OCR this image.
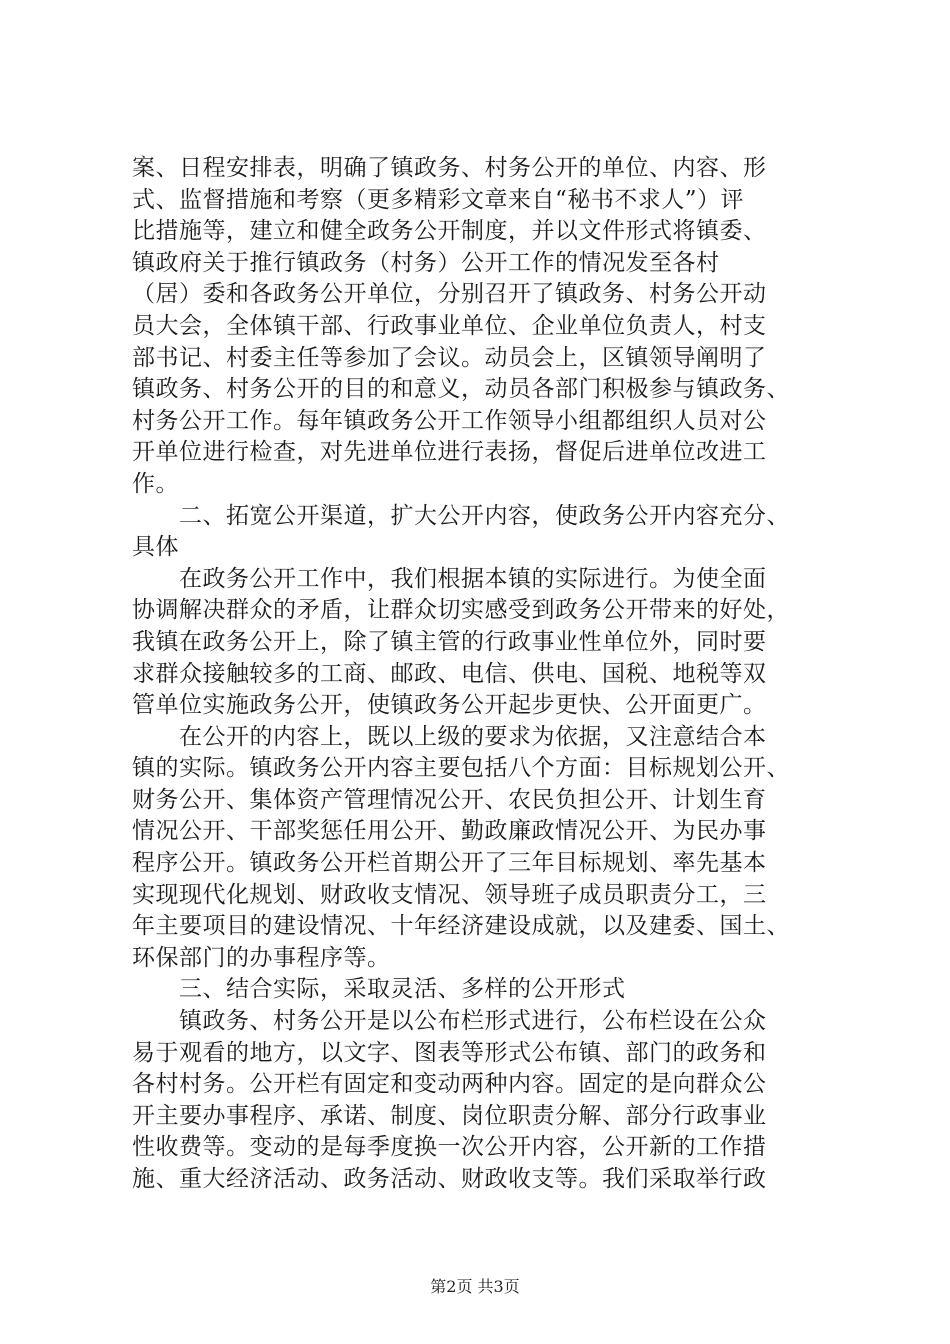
案、日程安排表，明确了镇政务、村务公开的单位、内容、形
式、监督措施和考察（更多精彩文章来自“秘书不求人”）评
比措施等，建立和健全政务公开制度，并以文件形式将镇委、
镇政府关于推行镇政务（村务）公开工作的情况发至各村
（居）委和各政务公开单位，分别召开了镇政务、村务公开动
员大会，全体镇干部、行政事业单位、企业单位负责人，村支
部书记、村委主任等参加了会议。动员会上，区镇领导阐明了
镇政务、村务公开的目的和意义，动员各部门积极参与镇政务、
村务公开工作。每年镇政务公开工作领导小组都组织人员对公
开单位进行检查，对先进单位进行表扬，督促后进单位改进工
作。
　　二、拓宽公开渠道，扩大公开内容，使政务公开内容充分、
具体
　　在政务公开工作中，我们根据本镇的实际进行。为使全面
协调解决群众的矛盾，让群众切实感受到政务公开带来的好处，
我镇在政务公开上，除了镇主管的行政事业性单位外，同时要
求群众接触较多的工商、邮政、电信、供电、国税、地税等双
管单位实施政务公开，使镇政务公开起步更快、公开面更广。
　　在公开的内容上，既以上级的要求为依据，又注意结合本
镇的实际。镇政务公开内容主要包括八个方面：目标规划公开、
财务公开、集体资产管理情况公开、农民负担公开、计划生育
情况公开、干部奖惩任用公开、勤政廉政情况公开、为民办事
程序公开。镇政务公开栏首期公开了三年目标规划、率先基本
实现现代化规划、财政收支情况、领导班子成员职责分工，三
年主要项目的建设情况、十年经济建设成就，以及建委、国土、
环保部门的办事程序等。
　　三、结合实际，采取灵活、多样的公开形式
　　镇政务、村务公开是以公布栏形式进行，公布栏设在公众
易于观看的地方，以文字、图表等形式公布镇、部门的政务和
各村村务。公开栏有固定和变动两种内容。固定的是向群众公
开主要办事程序、承诺、制度、岗位职责分解、部分行政事业
性收费等。变动的是每季度换一次公开内容，公开新的工作措
施、重大经济活动、政务活动、财政收支等。我们采取举行政
第2页 共3页
